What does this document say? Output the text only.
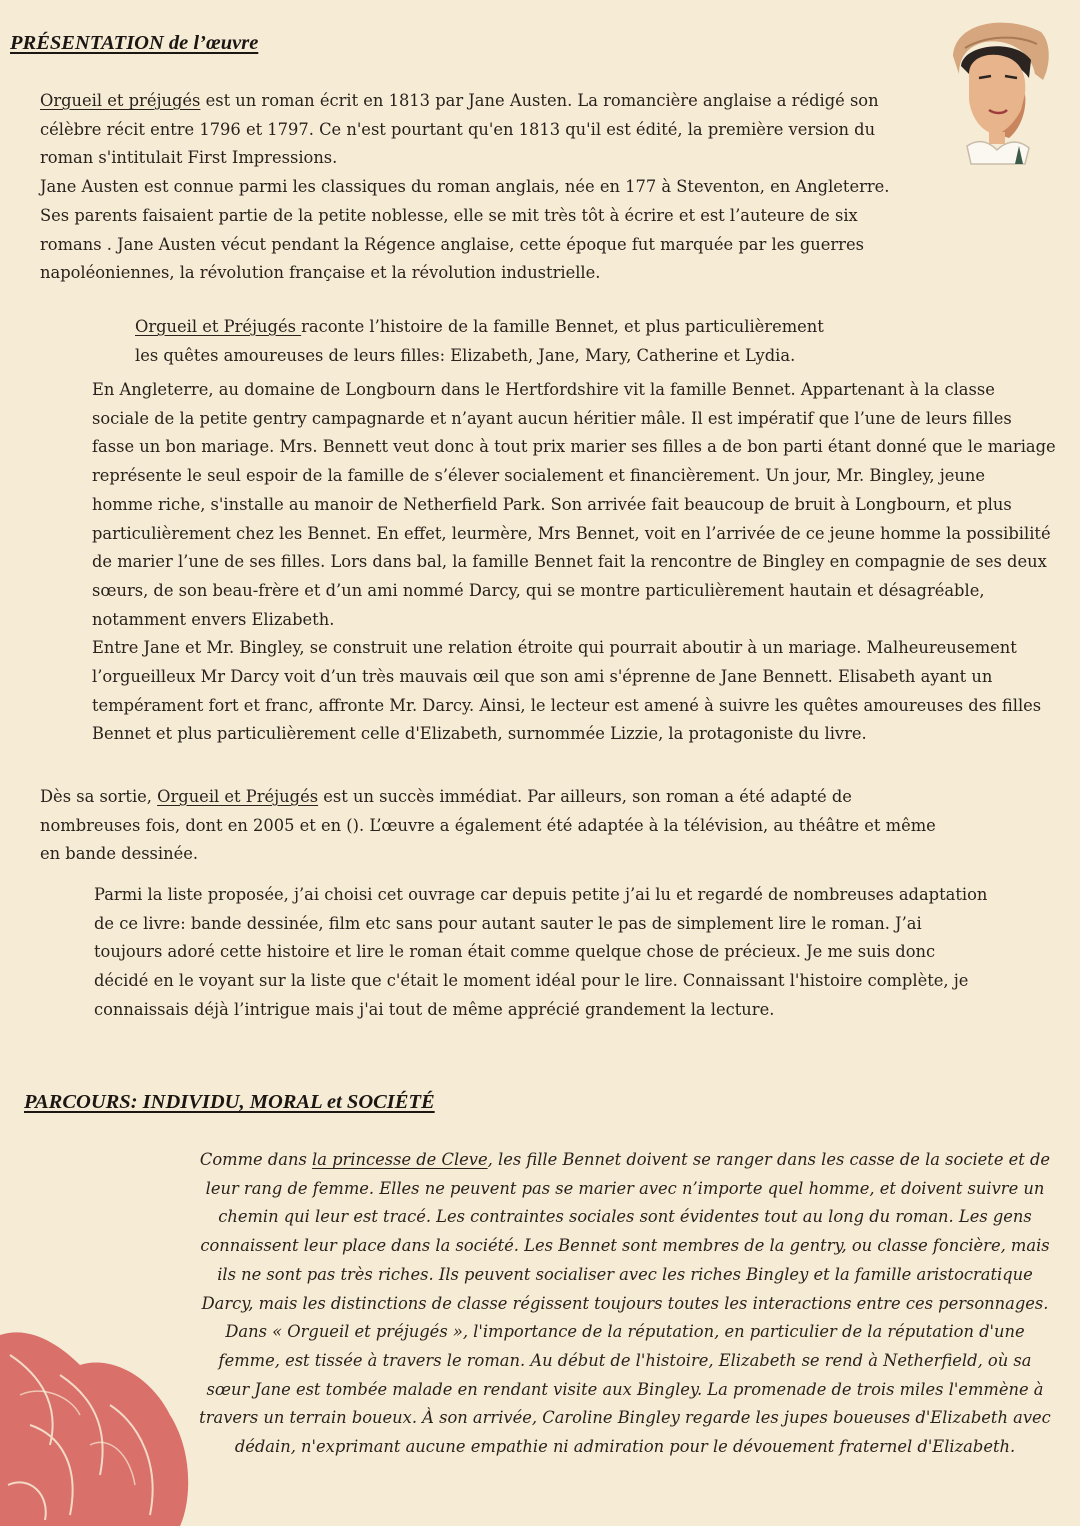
PRÉSENTATION de l’œuvre
Orgueil et préjugés est un roman écrit en 1813 par Jane Austen. La romancière anglaise a rédigé son
célèbre récit entre 1796 et 1797. Ce n'est pourtant qu'en 1813 qu'il est édité, la première version du
roman s'intitulait First Impressions.
Jane Austen est connue parmi les classiques du roman anglais, née en 177 à Steventon, en Angleterre.
Ses parents faisaient partie de la petite noblesse, elle se mit très tôt à écrire et est l’auteure de six
romans . Jane Austen vécut pendant la Régence anglaise, cette époque fut marquée par les guerres
napoléoniennes, la révolution française et la révolution industrielle.
Orgueil et Préjugés raconte l’histoire de la famille Bennet, et plus particulièrement
les quêtes amoureuses de leurs filles: Elizabeth, Jane, Mary, Catherine et Lydia.
En Angleterre, au domaine de Longbourn dans le Hertfordshire vit la famille Bennet. Appartenant à la classe
sociale de la petite gentry campagnarde et n’ayant aucun héritier mâle. Il est impératif que l’une de leurs filles
fasse un bon mariage. Mrs. Bennett veut donc à tout prix marier ses filles a de bon parti étant donné que le mariage
représente le seul espoir de la famille de s’élever socialement et financièrement. Un jour, Mr. Bingley, jeune
homme riche, s'installe au manoir de Netherfield Park. Son arrivée fait beaucoup de bruit à Longbourn, et plus
particulièrement chez les Bennet. En effet, leurmère, Mrs Bennet, voit en l’arrivée de ce jeune homme la possibilité
de marier l’une de ses filles. Lors dans bal, la famille Bennet fait la rencontre de Bingley en compagnie de ses deux
sœurs, de son beau-frère et d’un ami nommé Darcy, qui se montre particulièrement hautain et désagréable,
notamment envers Elizabeth.
Entre Jane et Mr. Bingley, se construit une relation étroite qui pourrait aboutir à un mariage. Malheureusement
l’orgueilleux Mr Darcy voit d’un très mauvais œil que son ami s'éprenne de Jane Bennett. Elisabeth ayant un
tempérament fort et franc, affronte Mr. Darcy. Ainsi, le lecteur est amené à suivre les quêtes amoureuses des filles
Bennet et plus particulièrement celle d'Elizabeth, surnommée Lizzie, la protagoniste du livre.
Dès sa sortie, Orgueil et Préjugés est un succès immédiat. Par ailleurs, son roman a été adapté de
nombreuses fois, dont en 2005 et en (). L’œuvre a également été adaptée à la télévision, au théâtre et même
en bande dessinée.
Parmi la liste proposée, j’ai choisi cet ouvrage car depuis petite j’ai lu et regardé de nombreuses adaptation
de ce livre: bande dessinée, film etc sans pour autant sauter le pas de simplement lire le roman. J’ai
toujours adoré cette histoire et lire le roman était comme quelque chose de précieux. Je me suis donc
décidé en le voyant sur la liste que c'était le moment idéal pour le lire. Connaissant l'histoire complète, je
connaissais déjà l’intrigue mais j'ai tout de même apprécié grandement la lecture.
PARCOURS: INDIVIDU, MORAL et SOCIÉTÉ
Comme dans la princesse de Cleve, les fille Bennet doivent se ranger dans les casse de la societe et de
leur rang de femme. Elles ne peuvent pas se marier avec n’importe quel homme, et doivent suivre un
chemin qui leur est tracé. Les contraintes sociales sont évidentes tout au long du roman. Les gens
connaissent leur place dans la société. Les Bennet sont membres de la gentry, ou classe foncière, mais
ils ne sont pas très riches. Ils peuvent socialiser avec les riches Bingley et la famille aristocratique
Darcy, mais les distinctions de classe régissent toujours toutes les interactions entre ces personnages.
Dans « Orgueil et préjugés », l'importance de la réputation, en particulier de la réputation d'une
femme, est tissée à travers le roman. Au début de l'histoire, Elizabeth se rend à Netherfield, où sa
sœur Jane est tombée malade en rendant visite aux Bingley. La promenade de trois miles l'emmène à
travers un terrain boueux. À son arrivée, Caroline Bingley regarde les jupes boueuses d'Elizabeth avec
dédain, n'exprimant aucune empathie ni admiration pour le dévouement fraternel d'Elizabeth.
